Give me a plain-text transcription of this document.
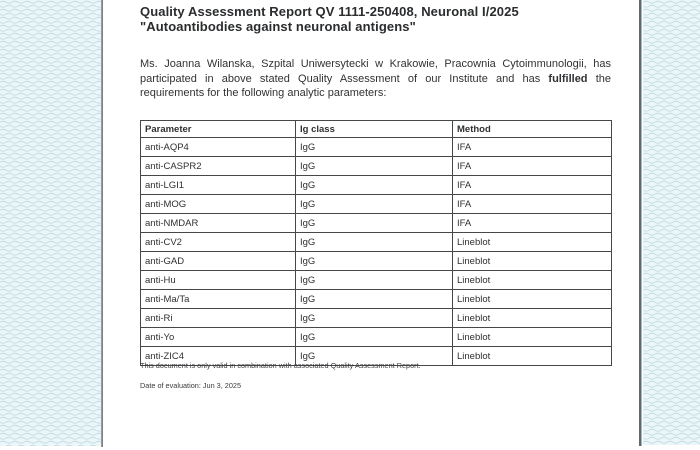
Quality Assessment Report QV 1111-250408, Neuronal I/2025
"Autoantibodies against neuronal antigens"

Ms. Joanna Wilanska, Szpital Uniwersytecki w Krakowie, Pracownia Cytoimmunologii, has participated in above stated Quality Assessment of our Institute and has fulfilled the requirements for the following analytic parameters:

Parameter	Ig class	Method
anti-AQP4	IgG	IFA
anti-CASPR2	IgG	IFA
anti-LGI1	IgG	IFA
anti-MOG	IgG	IFA
anti-NMDAR	IgG	IFA
anti-CV2	IgG	Lineblot
anti-GAD	IgG	Lineblot
anti-Hu	IgG	Lineblot
anti-Ma/Ta	IgG	Lineblot
anti-Ri	IgG	Lineblot
anti-Yo	IgG	Lineblot
anti-ZIC4	IgG	Lineblot
This document is only valid in combination with associated Quality Assessment Report.
Date of evaluation: Jun 3, 2025
